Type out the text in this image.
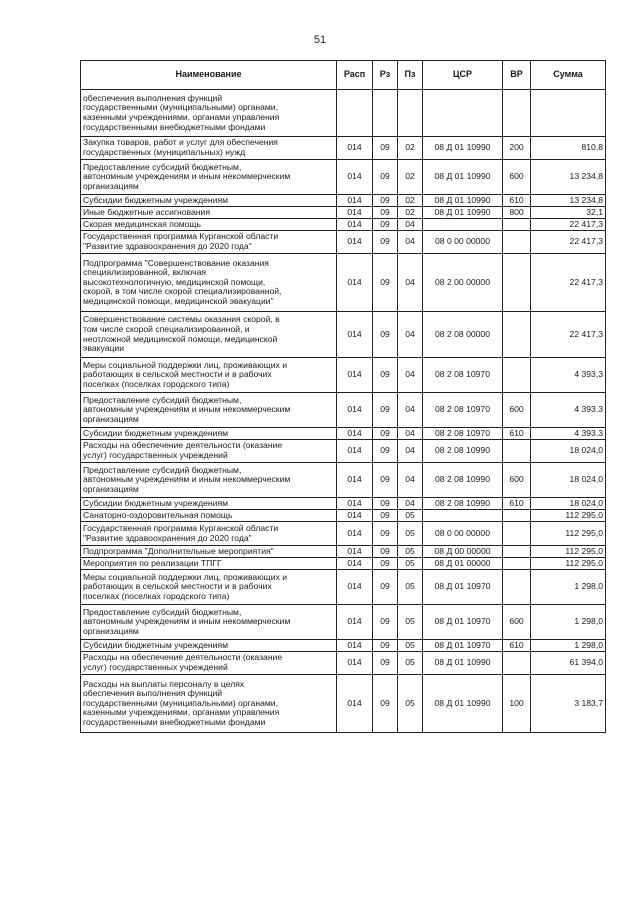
51
Наименование	Расп	Рз	Пз	ЦСР	ВР	Сумма
обеспечения выполнения функций
государственными (муниципальными) органами,
казенными учреждениями, органами управления
государственными внебюджетными фондами						
Закупка товаров, работ и услуг для обеспечения
государственных (муниципальных) нужд	014	09	02	08 Д 01 10990	200	810,8
Предоставление субсидий бюджетным,
автономным учреждениям и иным некоммерческим
организациям	014	09	02	08 Д 01 10990	600	13 234,8
Субсидии бюджетным учреждениям	014	09	02	08 Д 01 10990	610	13 234,8
Иные бюджетные ассигнования	014	09	02	08 Д 01 10990	800	32,1
Скорая медицинская помощь	014	09	04			22 417,3
Государственная программа Курганской области
"Развитие здравоохранения до 2020 года"	014	09	04	08 0 00 00000		22 417,3
Подпрограмма "Совершенствование оказания
специализированной, включая
высокотехнологичную, медицинской помощи,
скорой, в том числе скорой специализированной,
медицинской помощи, медицинской эвакуации"	014	09	04	08 2 00 00000		22 417,3
Совершенствование системы оказания скорой, в
том числе скорой специализированной, и
неотложной медицинской помощи, медицинской
эвакуации	014	09	04	08 2 08 00000		22 417,3
Меры социальной поддержки лиц, проживающих и
работающих в сельской местности и в рабочих
поселках (поселках городского типа)	014	09	04	08 2 08 10970		4 393,3
Предоставление субсидий бюджетным,
автономным учреждениям и иным некоммерческим
организациям	014	09	04	08 2 08 10970	600	4 393,3
Субсидии бюджетным учреждениям	014	09	04	08 2 08 10970	610	4 393,3
Расходы на обеспечение деятельности (оказание
услуг) государственных учреждений	014	09	04	08 2 08 10990		18 024,0
Предоставление субсидий бюджетным,
автономным учреждениям и иным некоммерческим
организациям	014	09	04	08 2 08 10990	600	18 024,0
Субсидии бюджетным учреждениям	014	09	04	08 2 08 10990	610	18 024,0
Санаторно-оздоровительная помощь	014	09	05			112 295,0
Государственная программа Курганской области
"Развитие здравоохранения до 2020 года"	014	09	05	08 0 00 00000		112 295,0
Подпрограмма "Дополнительные мероприятия"	014	09	05	08 Д 00 00000		112 295,0
Мероприятия по реализации ТПГГ	014	09	05	08 Д 01 00000		112 295,0
Меры социальной поддержки лиц, проживающих и
работающих в сельской местности и в рабочих
поселках (поселках городского типа)	014	09	05	08 Д 01 10970		1 298,0
Предоставление субсидий бюджетным,
автономным учреждениям и иным некоммерческим
организациям	014	09	05	08 Д 01 10970	600	1 298,0
Субсидии бюджетным учреждениям	014	09	05	08 Д 01 10970	610	1 298,0
Расходы на обеспечение деятельности (оказание
услуг) государственных учреждений	014	09	05	08 Д 01 10990		61 394,0
Расходы на выплаты персоналу в целях
обеспечения выполнения функций
государственными (муниципальными) органами,
казенными учреждениями, органами управления
государственными внебюджетными фондами	014	09	05	08 Д 01 10990	100	3 183,7
